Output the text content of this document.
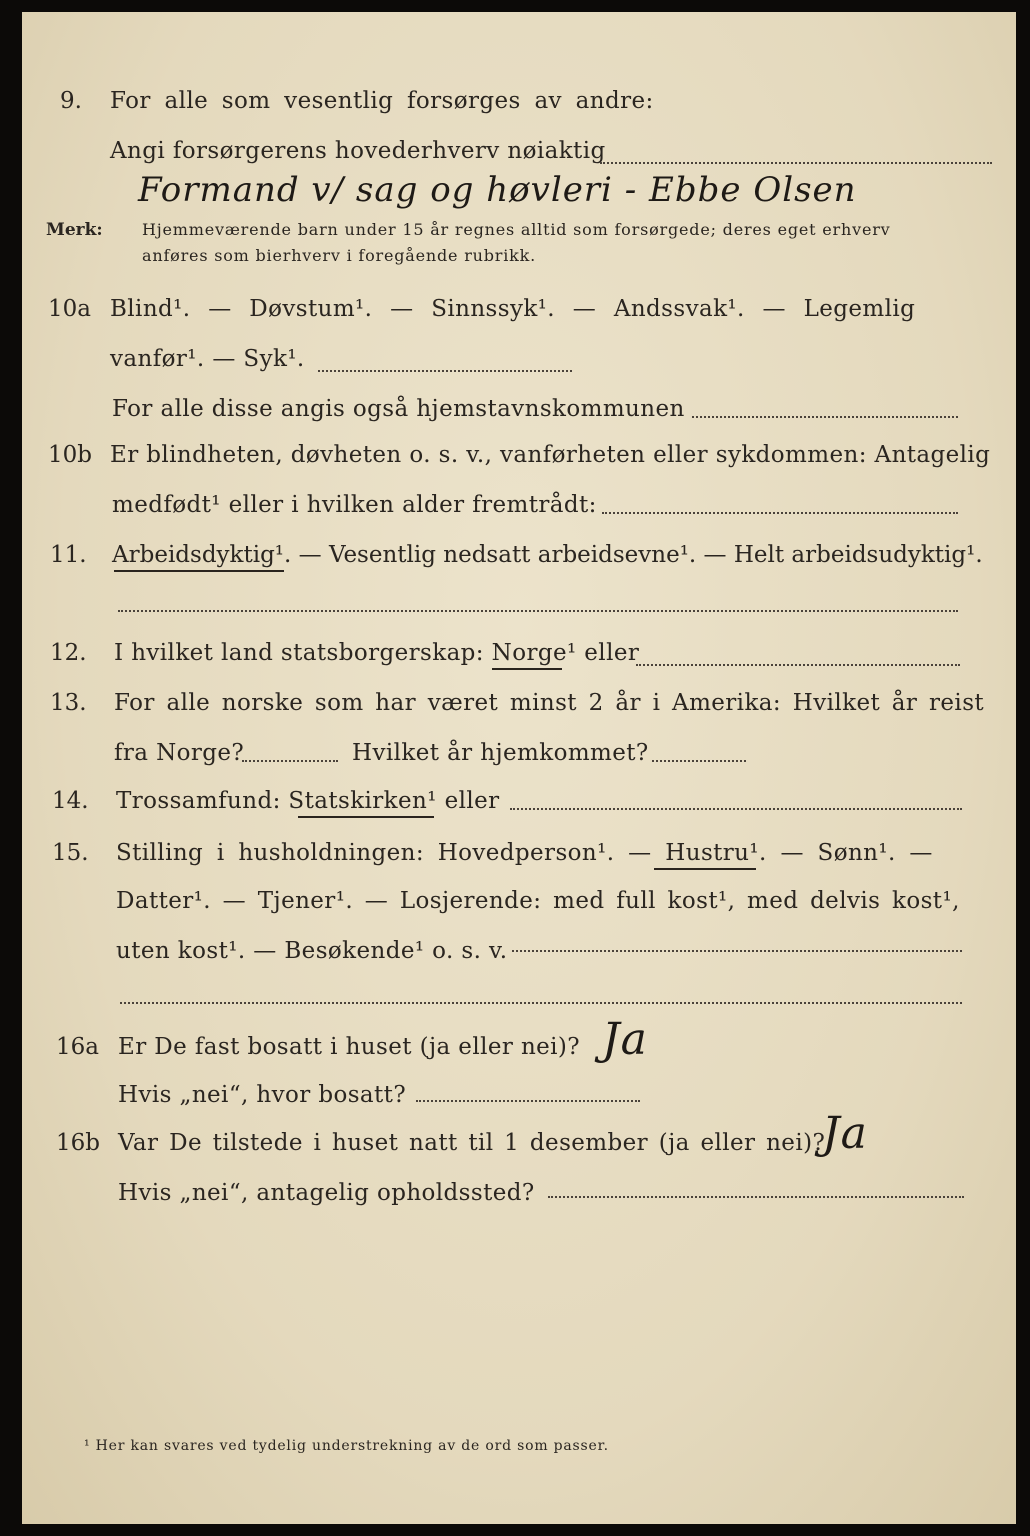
9. For alle som vesentlig forsørges av andre:
Angi forsørgerens hovederhverv nøiaktig
Formand v/ sag og høvleri - Ebbe Olsen
Merk: Hjemmeværende barn under 15 år regnes alltid som forsørgede; deres eget erhverv
anføres som bierhverv i foregående rubrikk.
10a Blind¹. — Døvstum¹. — Sinnssyk¹. — Andssvak¹. — Legemlig
vanfør¹. — Syk¹.
For alle disse angis også hjemstavnskommunen
10b Er blindheten, døvheten o. s. v., vanførheten eller sykdommen: Antagelig
medfødt¹ eller i hvilken alder fremtrådt:
11. Arbeidsdyktig¹. — Vesentlig nedsatt arbeidsevne¹. — Helt arbeidsudyktig¹.
12. I hvilket land statsborgerskap: Norge¹ eller
13. For alle norske som har været minst 2 år i Amerika: Hvilket år reist
fra Norge?	Hvilket år hjemkommet?
14. Trossamfund: Statskirken¹ eller
15. Stilling i husholdningen: Hovedperson¹. — Hustru¹. — Sønn¹. —
Datter¹. — Tjener¹. — Losjerende: med full kost¹, med delvis kost¹,
uten kost¹. — Besøkende¹ o. s. v.
16a Er De fast bosatt i huset (ja eller nei)? Ja
Hvis „nei“, hvor bosatt?
16b Var De tilstede i huset natt til 1 desember (ja eller nei)?
Ja
Hvis „nei“, antagelig opholdssted?
¹ Her kan svares ved tydelig understrekning av de ord som passer.
